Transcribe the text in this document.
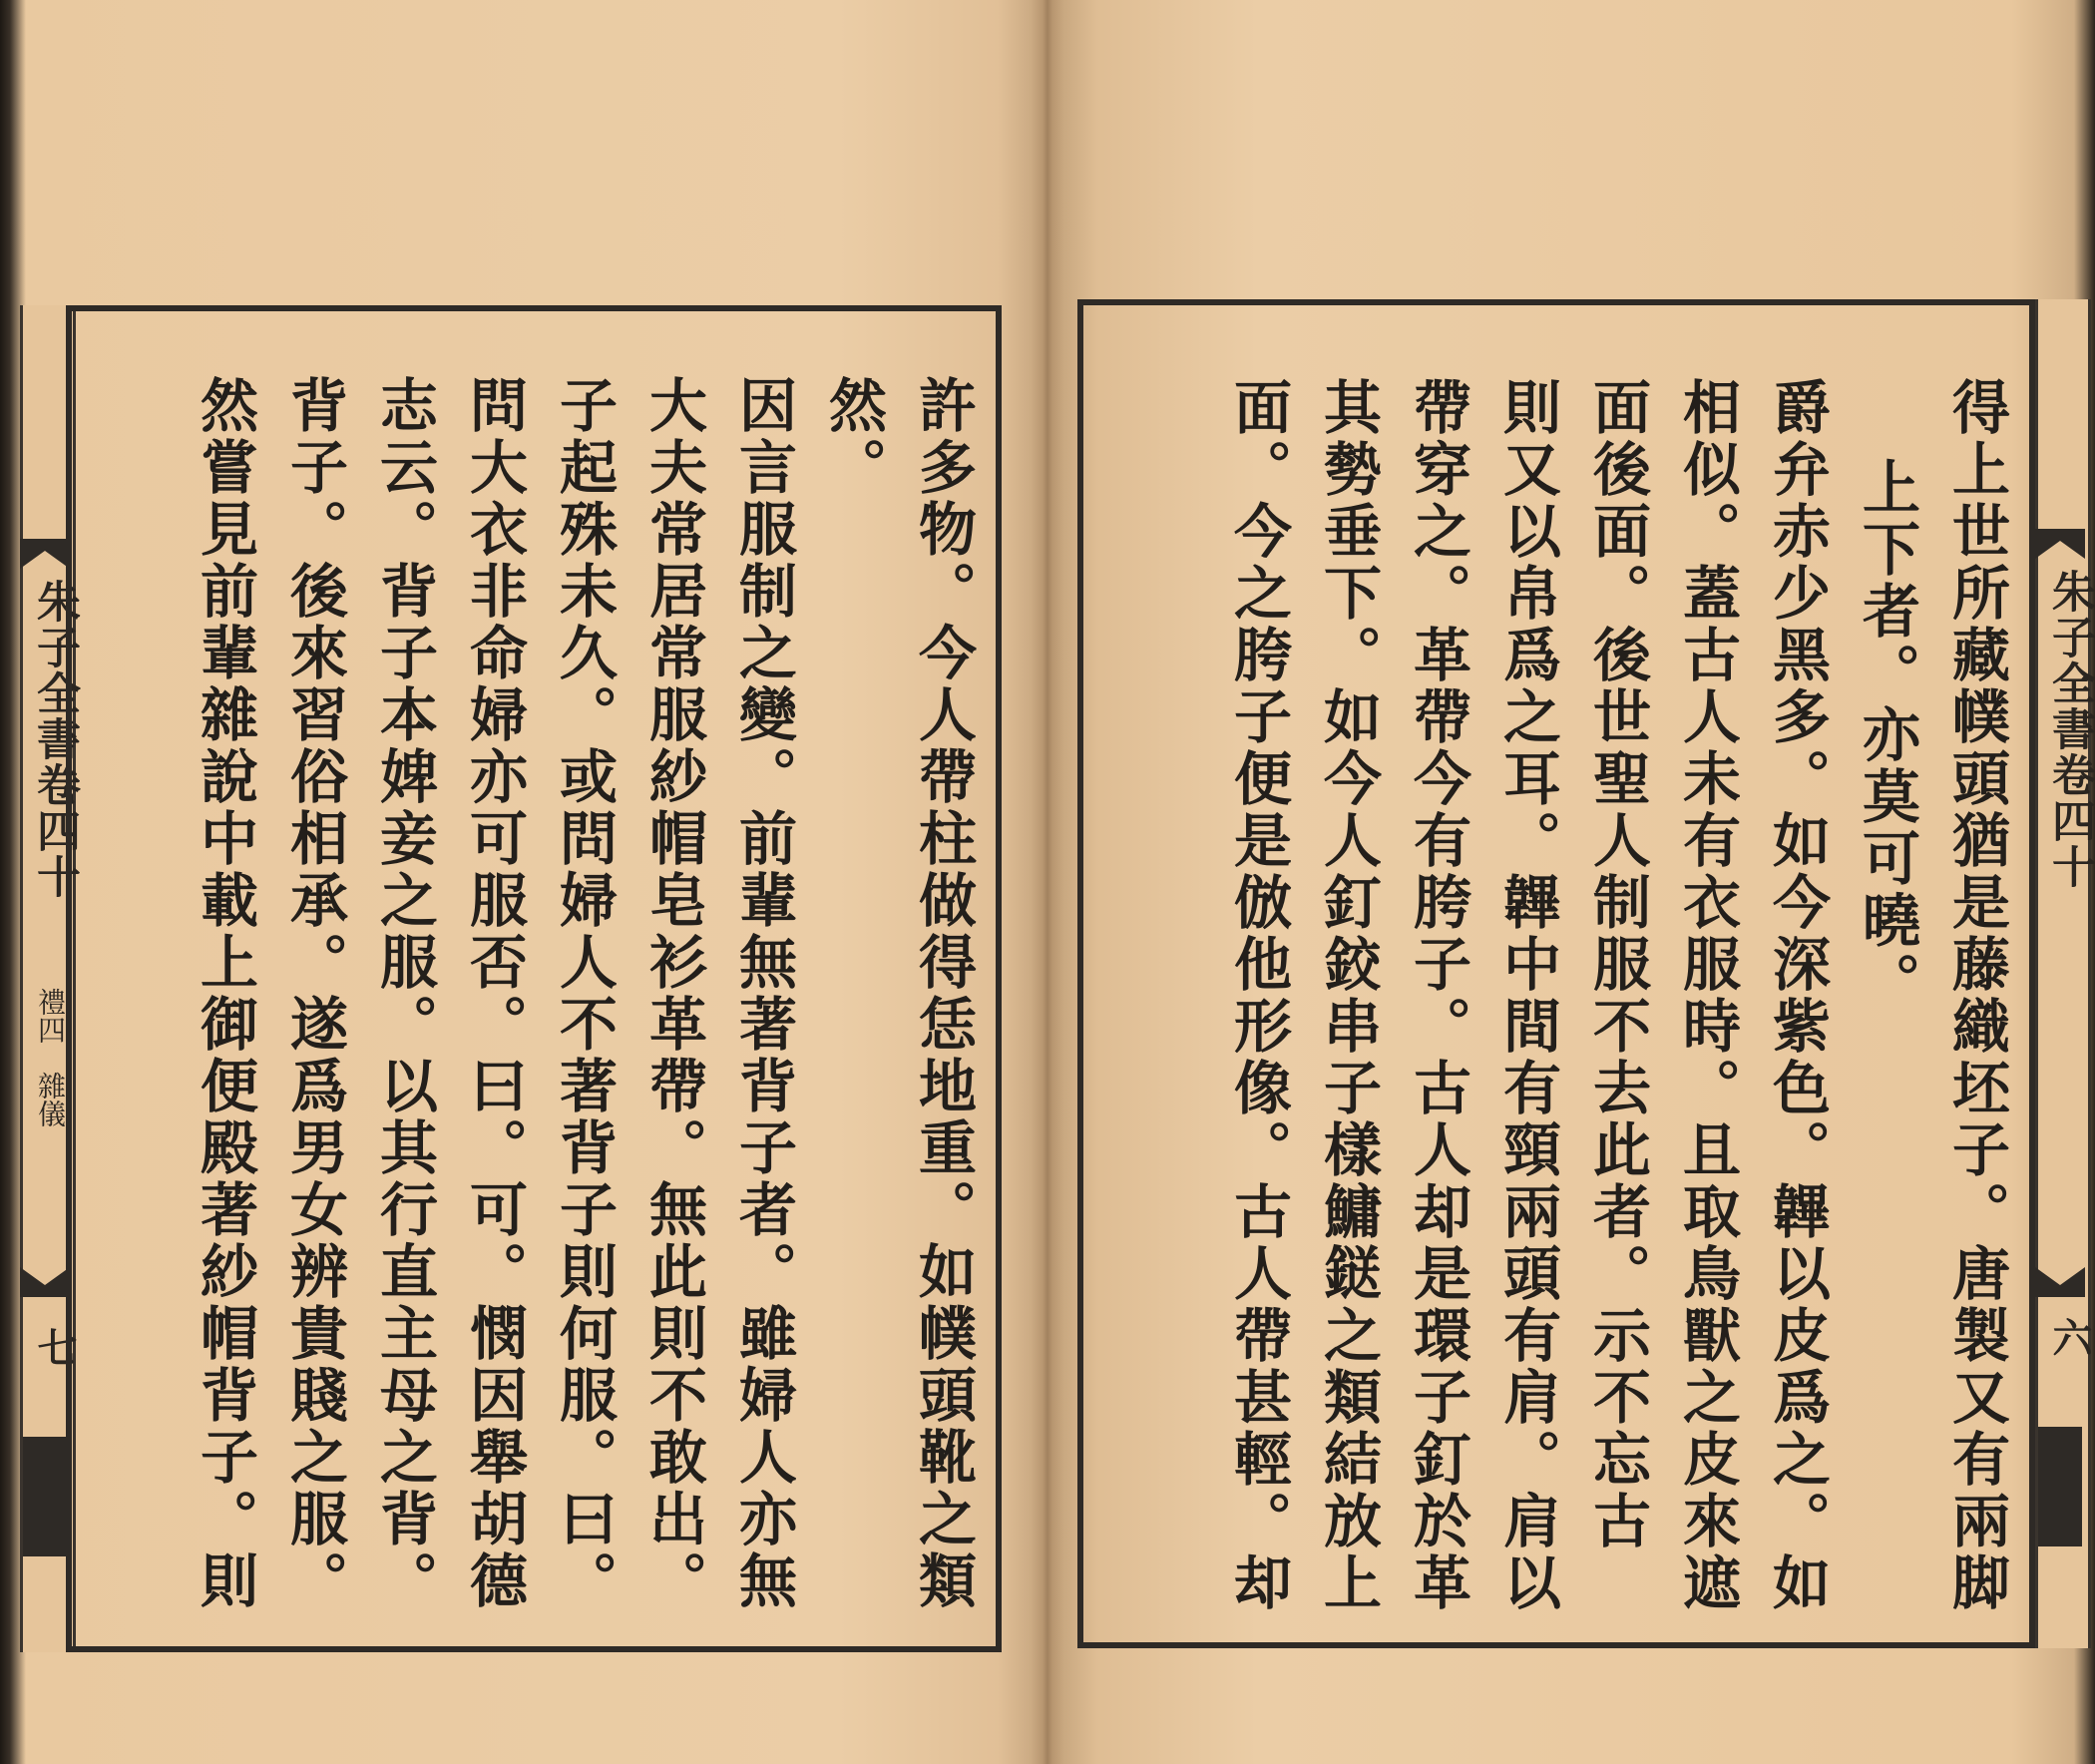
朱子全書卷四十
禮四　雜儀
七
許多物。今人帶柱做得恁地重。如幞頭靴之類
然。
因言服制之變。前輩無著背子者。雖婦人亦無
大夫常居常服紗帽皂衫革帶。無此則不敢出。
子起殊未久。或問婦人不著背子則何服。曰。
問大衣非命婦亦可服否。曰。可。憫因舉胡德
志云。背子本婢妾之服。以其行直主母之背。
背子。後來習俗相承。遂爲男女辨貴賤之服。
然嘗見前輩雜說中載上御便殿著紗帽背子。則	得上世所藏幞頭猶是藤織坯子。唐製又有兩脚
上下者。亦莫可曉。
爵弁赤少黑多。如今深紫色。韠以皮爲之。如
相似。蓋古人未有衣服時。且取鳥獸之皮來遮
面後面。後世聖人制服不去此者。示不忘古
則又以帛爲之耳。韠中間有頸兩頭有肩。肩以
帶穿之。革帶今有胯子。古人却是環子釘於革
其勢垂下。如今人釘鉸串子樣鱅鎹之類結放上
面。今之胯子便是倣他形像。古人帶甚輕。却
朱子全書卷四十
六
